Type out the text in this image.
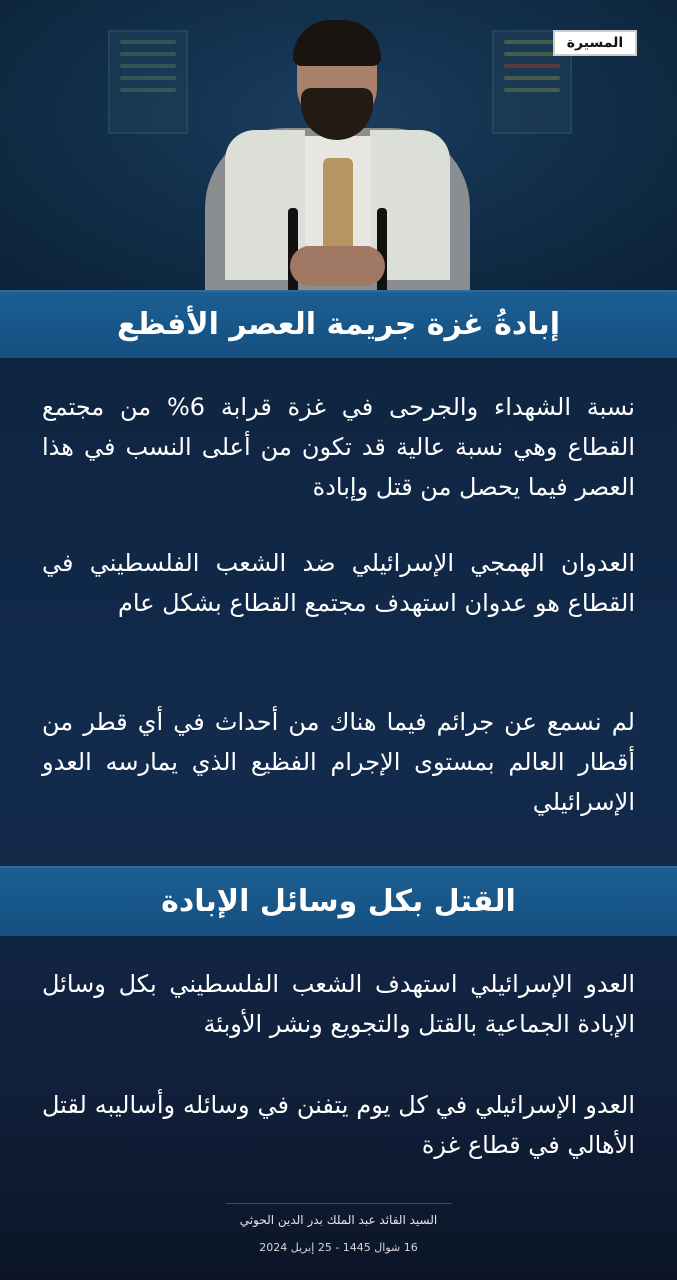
المسيرة
إبادةُ غزة جريمة العصر الأفظع
نسبة الشهداء والجرحى في غزة قرابة 6% من مجتمع القطاع وهي نسبة عالية قد تكون من أعلى النسب في هذا العصر فيما يحصل من قتل وإبادة
العدوان الهمجي الإسرائيلي ضد الشعب الفلسطيني في القطاع هو عدوان استهدف مجتمع القطاع بشكل عام
لم نسمع عن جرائم فيما هناك من أحداث في أي قطر من أقطار العالم بمستوى الإجرام الفظيع الذي يمارسه العدو الإسرائيلي
القتل بكل وسائل الإبادة
العدو الإسرائيلي استهدف الشعب الفلسطيني بكل وسائل الإبادة الجماعية بالقتل والتجويع ونشر الأوبئة
العدو الإسرائيلي في كل يوم يتفنن في وسائله وأساليبه لقتل الأهالي في قطاع غزة
السيد القائد عبد الملك بدر الدين الحوثي
16 شوال 1445 - 25 إبريل 2024
